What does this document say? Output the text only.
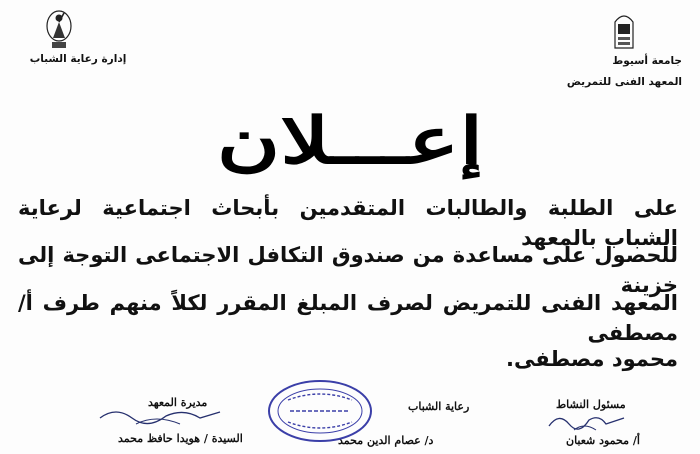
إدارة رعاية الشباب	جامعة أسيوط
المعهد الفنى للتمريض
إعـــلان
على الطلبة والطالبات المتقدمين بأبحاث اجتماعية لرعاية الشباب بالمعهد
للحصول على مساعدة من صندوق التكافل الاجتماعى التوجة إلى خزينة
المعهد الفنى للتمريض لصرف المبلغ المقرر لكلاً منهم طرف أ/ مصطفى
محمود مصطفى.
مسئول النشاط
أ/ محمود شعبان
رعاية الشباب
د/ عصام الدين محمد
مديرة المعهد
السيدة / هويدا حافظ محمد
